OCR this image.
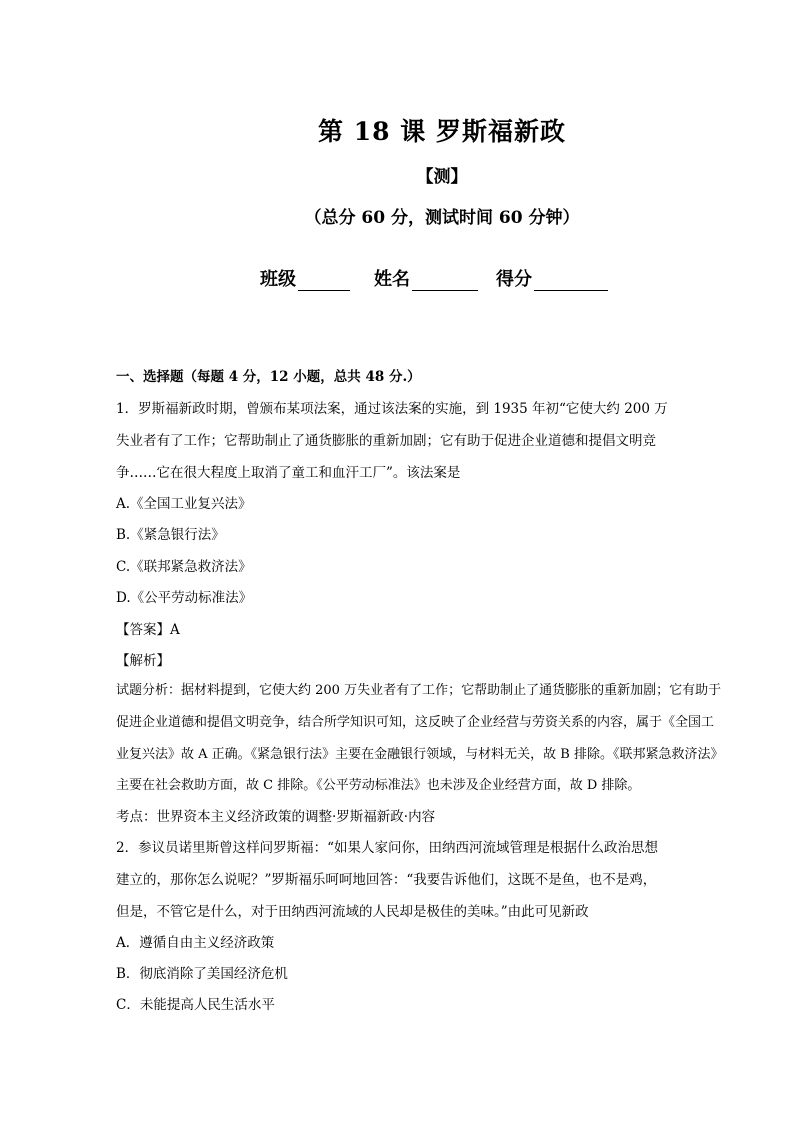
第 18 课 罗斯福新政
【测】
（总分 60 分，测试时间 60 分钟）
班级	姓名	得分
一、选择题（每题 4 分，12 小题，总共 48 分.）
1．罗斯福新政时期，曾颁布某项法案，通过该法案的实施，到 1935 年初“它使大约 200 万
失业者有了工作；它帮助制止了通货膨胀的重新加剧；它有助于促进企业道德和提倡文明竞
争……它在很大程度上取消了童工和血汗工厂”。该法案是
A.《全国工业复兴法》
B.《紧急银行法》
C.《联邦紧急救济法》
D.《公平劳动标准法》
【答案】A
【解析】
试题分析：据材料提到，它使大约 200 万失业者有了工作；它帮助制止了通货膨胀的重新加剧；它有助于
促进企业道德和提倡文明竞争，结合所学知识可知，这反映了企业经营与劳资关系的内容，属于《全国工
业复兴法》故 A 正确。《紧急银行法》主要在金融银行领域，与材料无关，故 B 排除。《联邦紧急救济法》
主要在社会救助方面，故 C 排除。《公平劳动标准法》也未涉及企业经营方面，故 D 排除。
考点：世界资本主义经济政策的调整·罗斯福新政·内容
2．参议员诺里斯曾这样问罗斯福：“如果人家问你，田纳西河流域管理是根据什么政治思想
建立的，那你怎么说呢？”罗斯福乐呵呵地回答：“我要告诉他们，这既不是鱼，也不是鸡，
但是，不管它是什么，对于田纳西河流域的人民却是极佳的美味。”由此可见新政
A．遵循自由主义经济政策
B．彻底消除了美国经济危机
C．未能提高人民生活水平
